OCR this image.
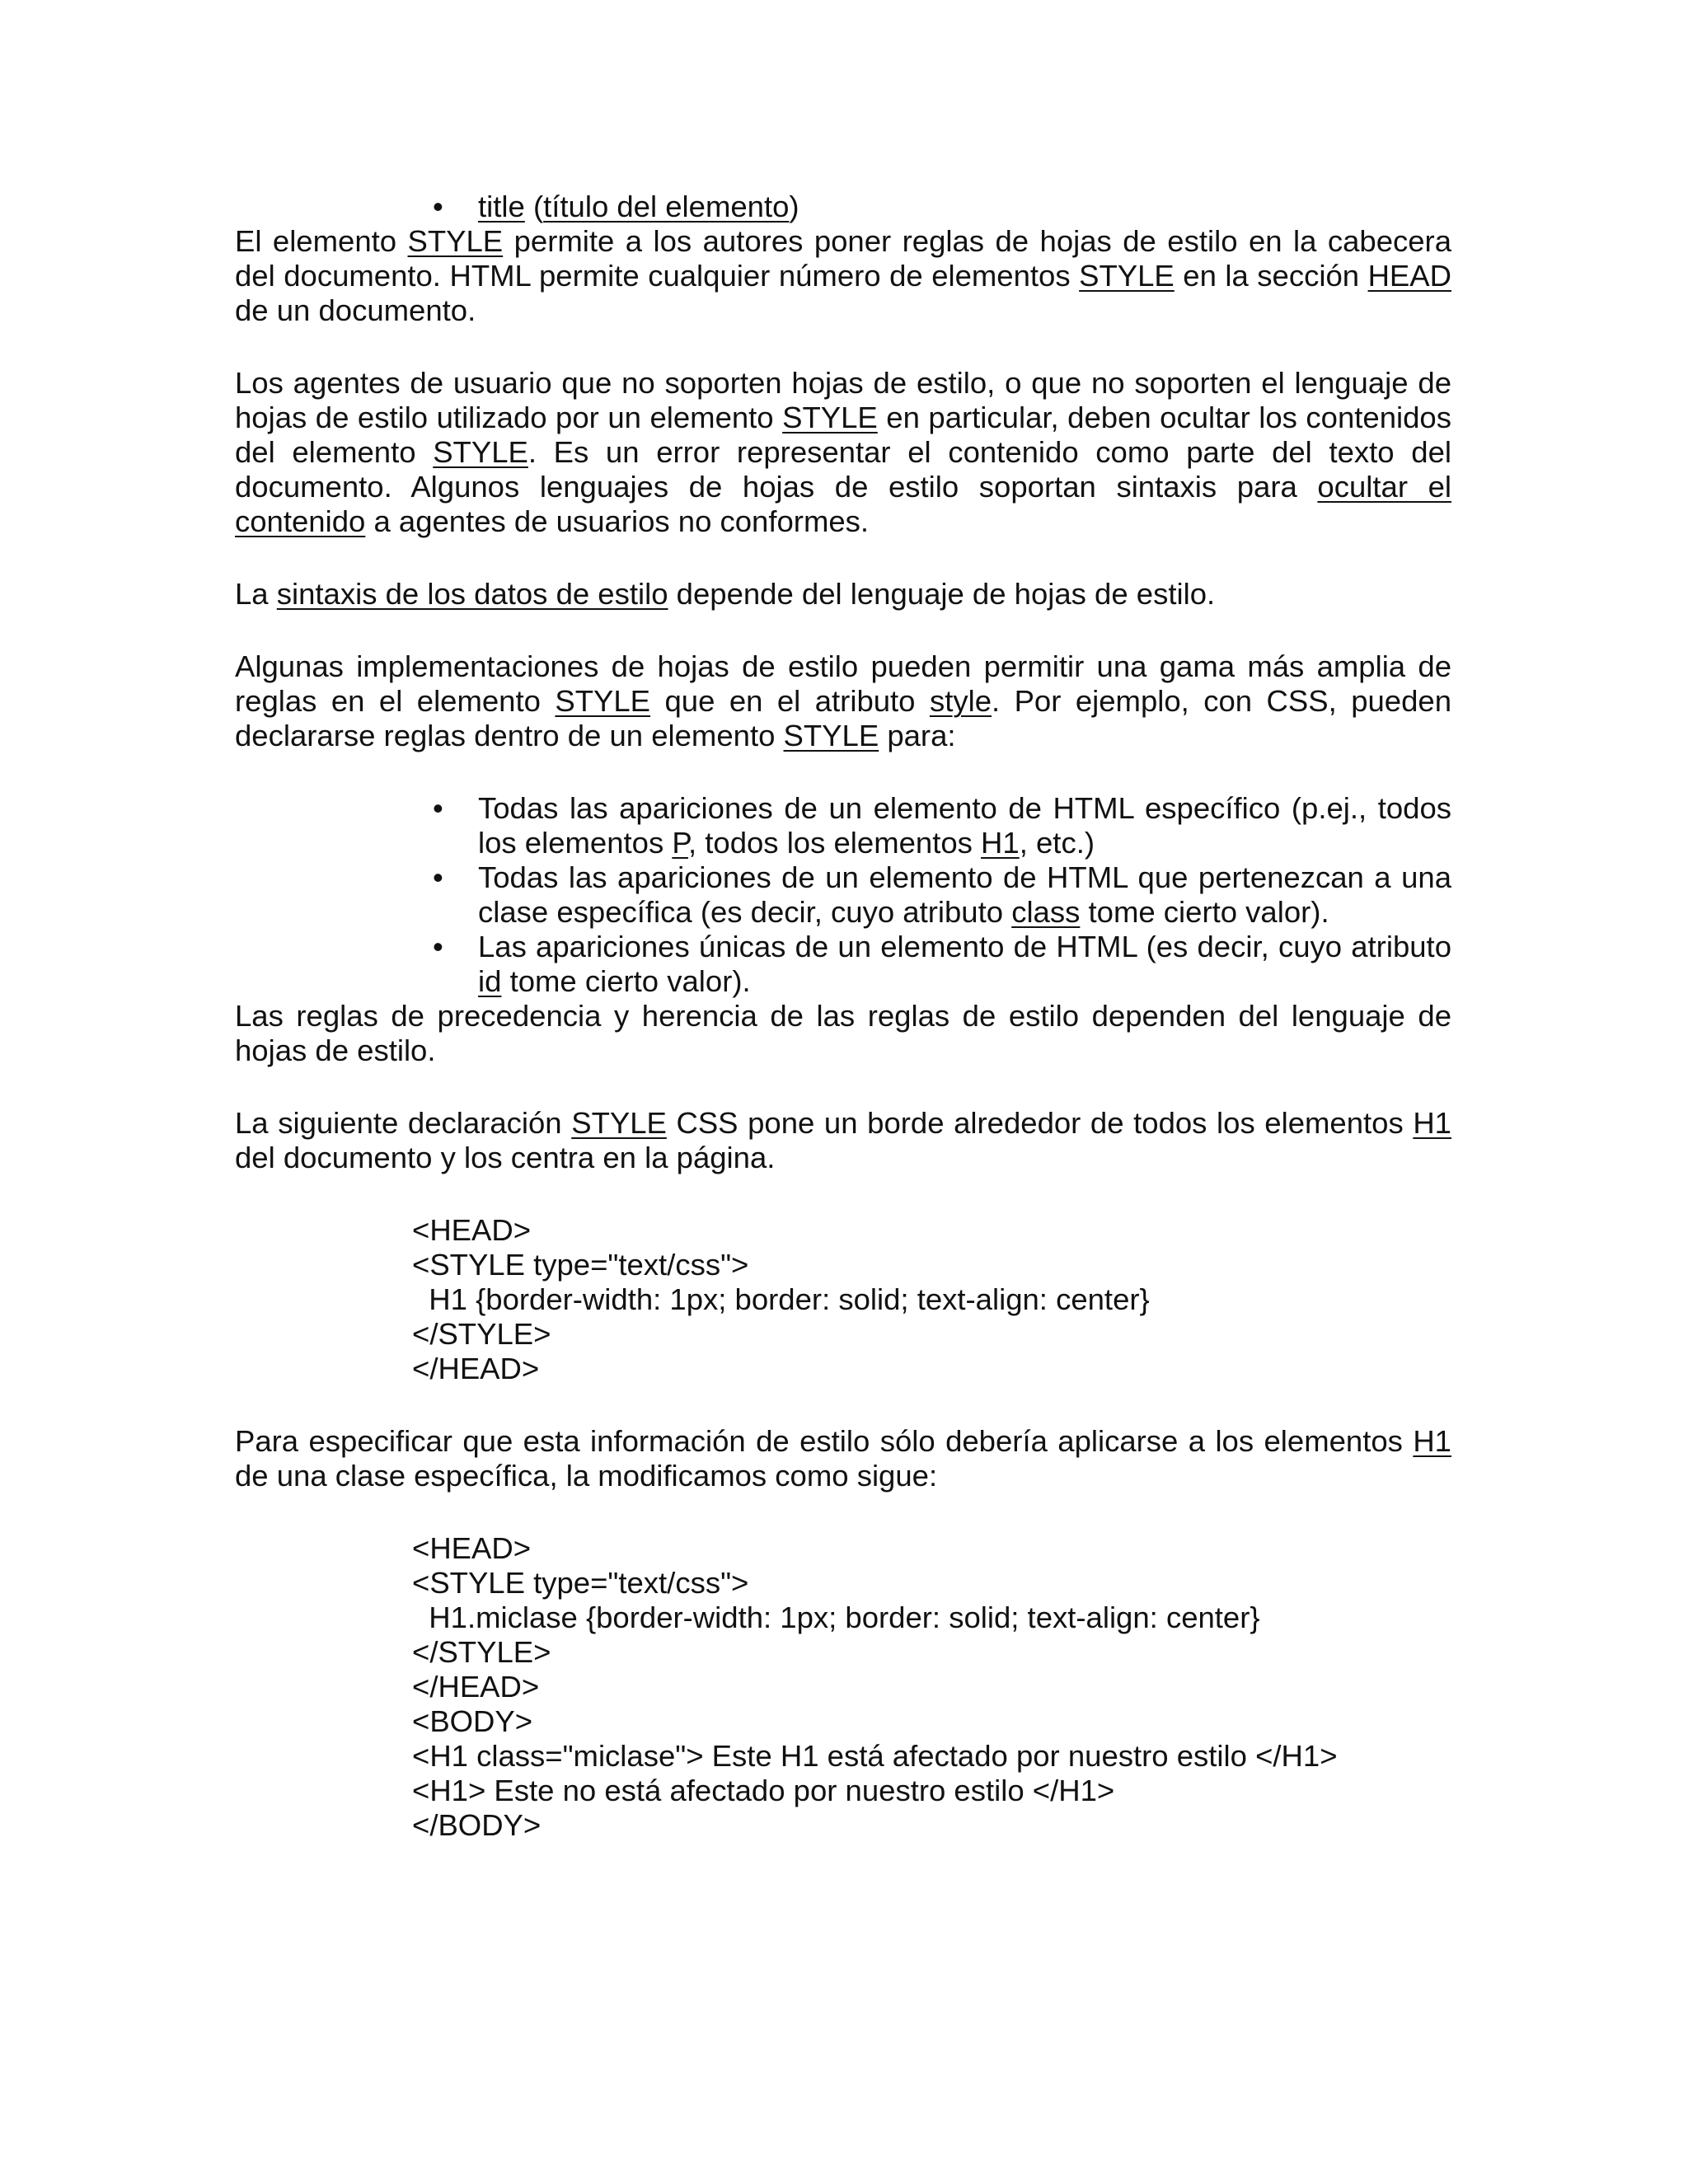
• title (título del elemento)

El elemento STYLE permite a los autores poner reglas de hojas de estilo en la cabecera del documento. HTML permite cualquier número de elementos STYLE en la sección HEAD de un documento.

Los agentes de usuario que no soporten hojas de estilo, o que no soporten el lenguaje de hojas de estilo utilizado por un elemento STYLE en particular, deben ocultar los contenidos del elemento STYLE. Es un error representar el contenido como parte del texto del documento. Algunos lenguajes de hojas de estilo soportan sintaxis para ocultar el contenido a agentes de usuarios no conformes.

La sintaxis de los datos de estilo depende del lenguaje de hojas de estilo.

Algunas implementaciones de hojas de estilo pueden permitir una gama más amplia de reglas en el elemento STYLE que en el atributo style. Por ejemplo, con CSS, pueden declararse reglas dentro de un elemento STYLE para:

• Todas las apariciones de un elemento de HTML específico (p.ej., todos los elementos P, todos los elementos H1, etc.)
• Todas las apariciones de un elemento de HTML que pertenezcan a una clase específica (es decir, cuyo atributo class tome cierto valor).
• Las apariciones únicas de un elemento de HTML (es decir, cuyo atributo id tome cierto valor).

Las reglas de precedencia y herencia de las reglas de estilo dependen del lenguaje de hojas de estilo.

La siguiente declaración STYLE CSS pone un borde alrededor de todos los elementos H1 del documento y los centra en la página.

<HEAD>
<STYLE type="text/css">
H1 {border-width: 1px; border: solid; text-align: center}
</STYLE>
</HEAD>

Para especificar que esta información de estilo sólo debería aplicarse a los elementos H1 de una clase específica, la modificamos como sigue:

<HEAD>
<STYLE type="text/css">
H1.miclase {border-width: 1px; border: solid; text-align: center}
</STYLE>
</HEAD>
<BODY>
<H1 class="miclase"> Este H1 está afectado por nuestro estilo </H1>
<H1> Este no está afectado por nuestro estilo </H1>
</BODY>
